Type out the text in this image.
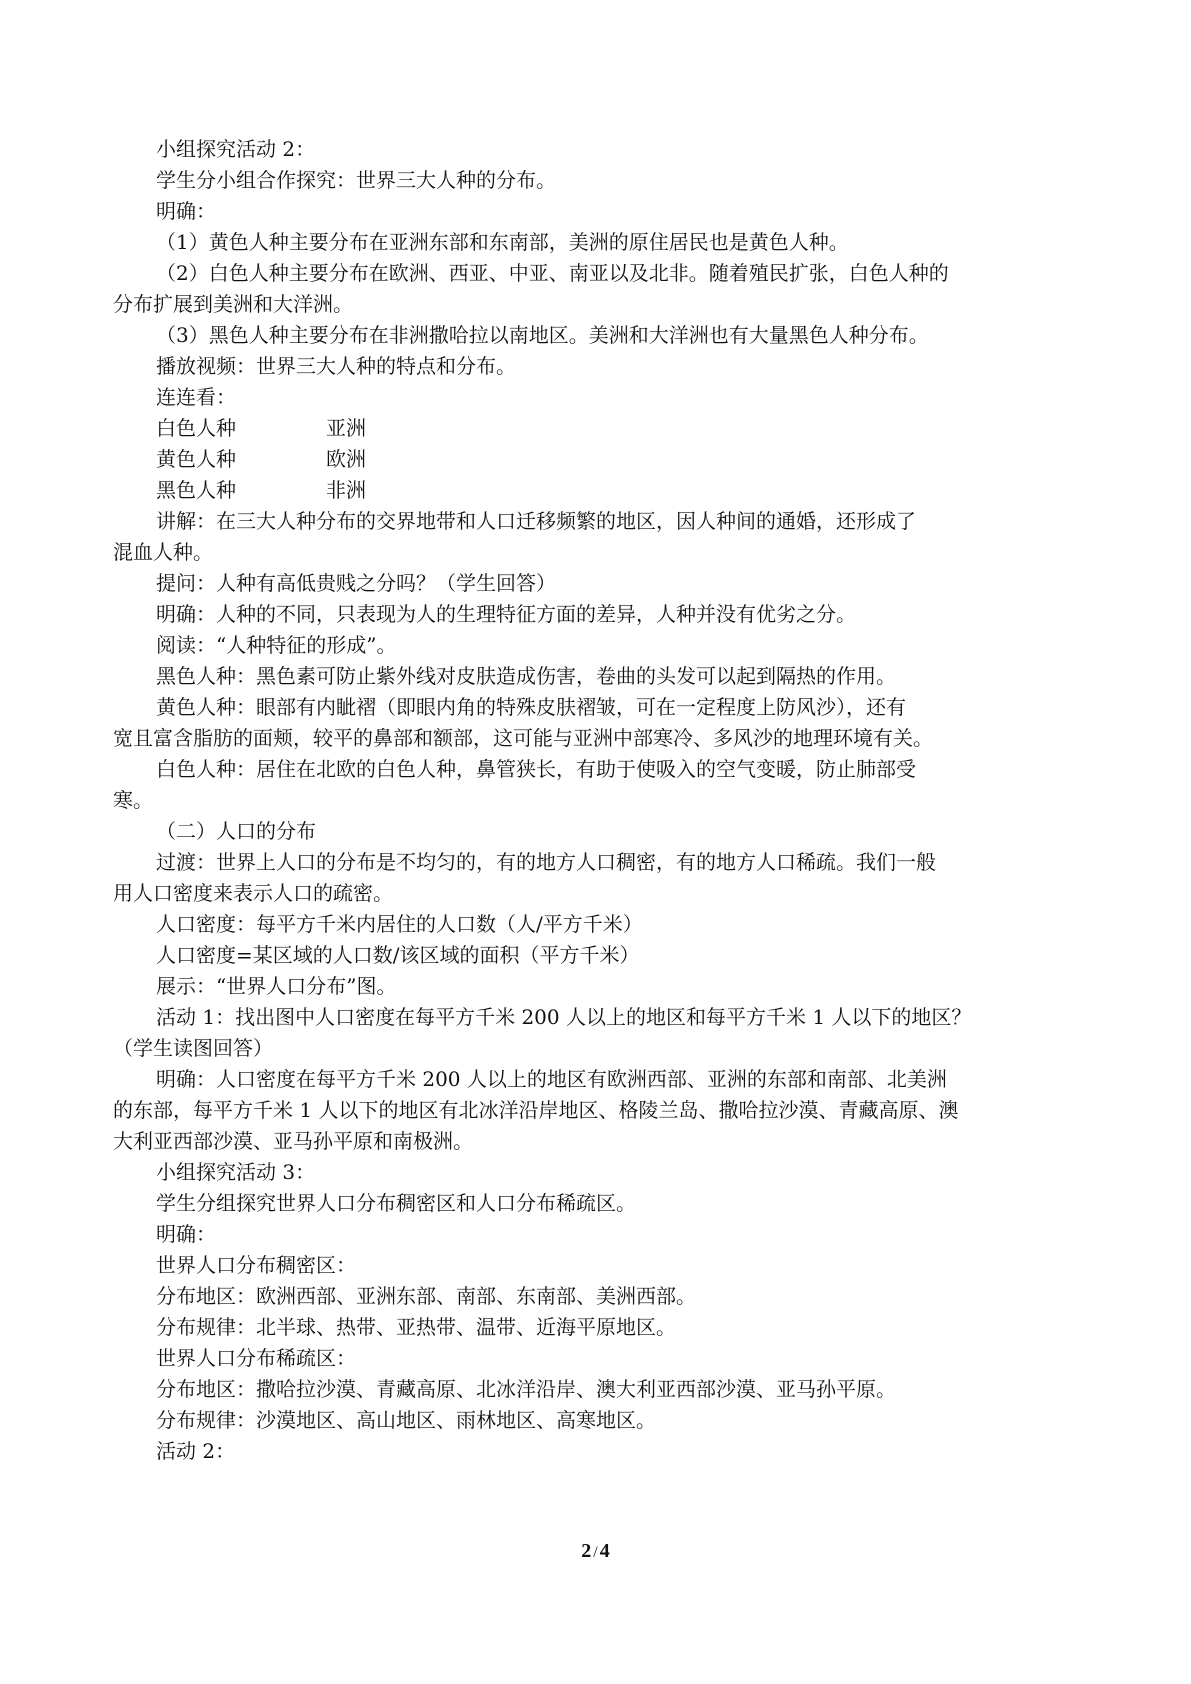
小组探究活动 2：
学生分小组合作探究：世界三大人种的分布。
明确：
（1）黄色人种主要分布在亚洲东部和东南部，美洲的原住居民也是黄色人种。
（2）白色人种主要分布在欧洲、西亚、中亚、南亚以及北非。随着殖民扩张，白色人种的
分布扩展到美洲和大洋洲。
（3）黑色人种主要分布在非洲撒哈拉以南地区。美洲和大洋洲也有大量黑色人种分布。
播放视频：世界三大人种的特点和分布。
连连看：
白色人种	亚洲
黄色人种	欧洲
黑色人种	非洲
讲解：在三大人种分布的交界地带和人口迁移频繁的地区，因人种间的通婚，还形成了
混血人种。
提问：人种有高低贵贱之分吗？（学生回答）
明确：人种的不同，只表现为人的生理特征方面的差异，人种并没有优劣之分。
阅读：“人种特征的形成”。
黑色人种：黑色素可防止紫外线对皮肤造成伤害，卷曲的头发可以起到隔热的作用。
黄色人种：眼部有内眦褶（即眼内角的特殊皮肤褶皱，可在一定程度上防风沙），还有
宽且富含脂肪的面颊，较平的鼻部和额部，这可能与亚洲中部寒冷、多风沙的地理环境有关。
白色人种：居住在北欧的白色人种，鼻管狭长，有助于使吸入的空气变暖，防止肺部受
寒。
（二）人口的分布
过渡：世界上人口的分布是不均匀的，有的地方人口稠密，有的地方人口稀疏。我们一般
用人口密度来表示人口的疏密。
人口密度：每平方千米内居住的人口数（人/平方千米）
人口密度=某区域的人口数/该区域的面积（平方千米）
展示：“世界人口分布”图。
活动 1：找出图中人口密度在每平方千米 200 人以上的地区和每平方千米 1 人以下的地区？
（学生读图回答）
明确：人口密度在每平方千米 200 人以上的地区有欧洲西部、亚洲的东部和南部、北美洲
的东部，每平方千米 1 人以下的地区有北冰洋沿岸地区、格陵兰岛、撒哈拉沙漠、青藏高原、澳
大利亚西部沙漠、亚马孙平原和南极洲。
小组探究活动 3：
学生分组探究世界人口分布稠密区和人口分布稀疏区。
明确：
世界人口分布稠密区：
分布地区：欧洲西部、亚洲东部、南部、东南部、美洲西部。
分布规律：北半球、热带、亚热带、温带、近海平原地区。
世界人口分布稀疏区：
分布地区：撒哈拉沙漠、青藏高原、北冰洋沿岸、澳大利亚西部沙漠、亚马孙平原。
分布规律：沙漠地区、高山地区、雨林地区、高寒地区。
活动 2：
2 / 4
